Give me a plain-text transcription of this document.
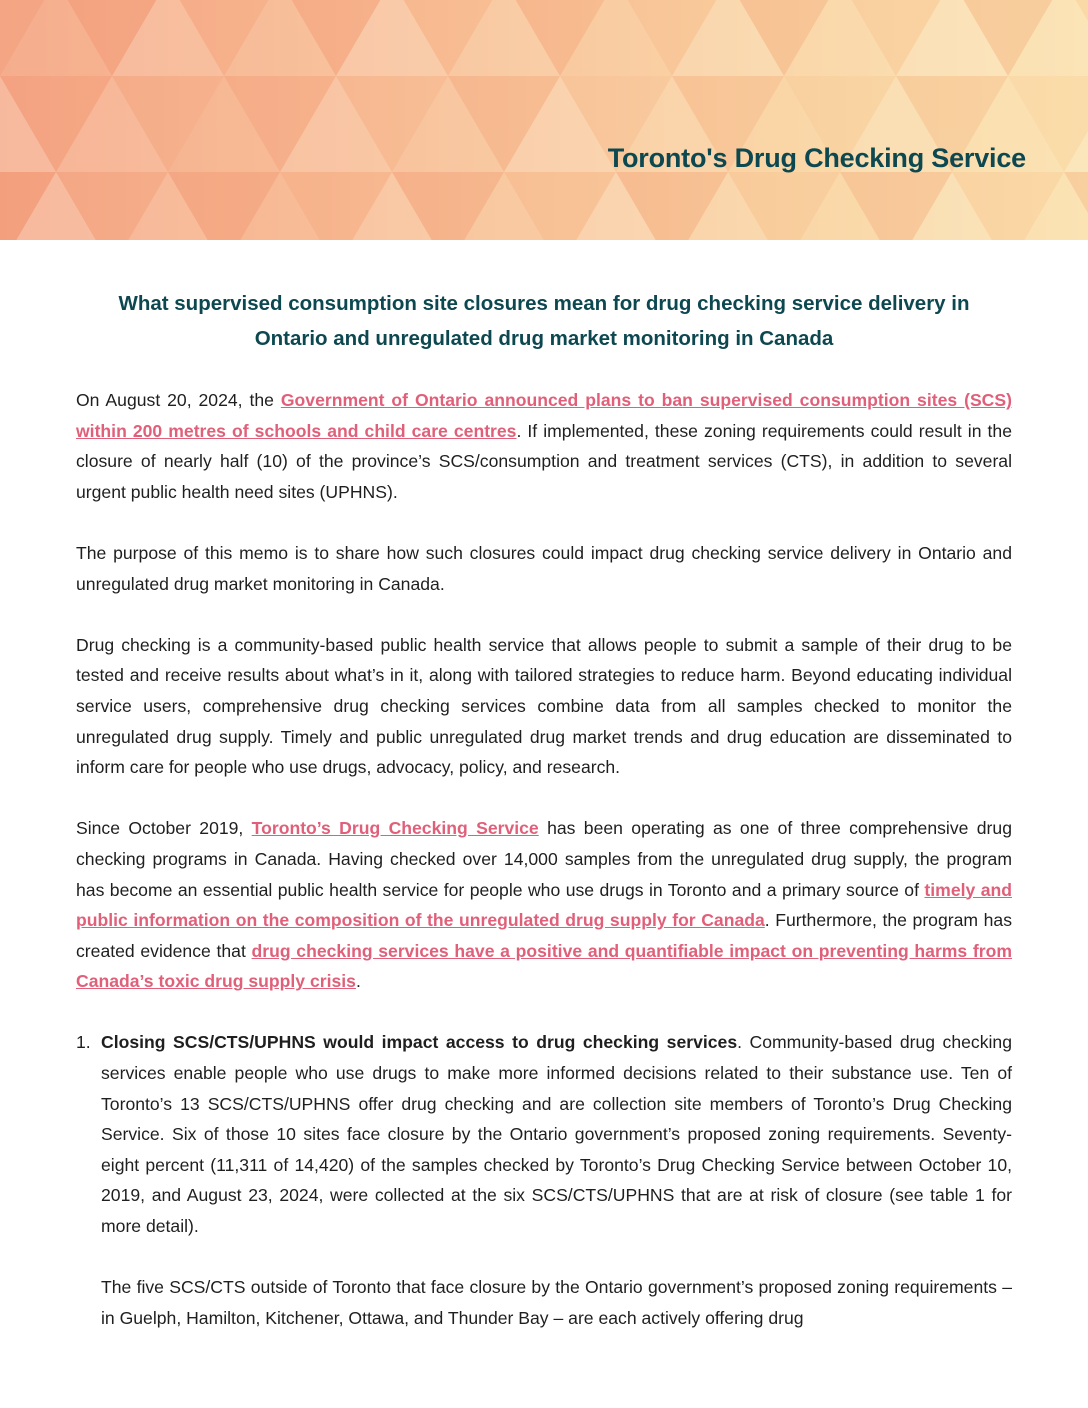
Toronto's Drug Checking Service
What supervised consumption site closures mean for drug checking service delivery in
Ontario and unregulated drug market monitoring in Canada

On August 20, 2024, the Government of Ontario announced plans to ban supervised consumption sites (SCS) within 200 metres of schools and child care centres. If implemented, these zoning requirements could result in the closure of nearly half (10) of the province’s SCS/consumption and treatment services (CTS), in addition to several urgent public health need sites (UPHNS).

The purpose of this memo is to share how such closures could impact drug checking service delivery in Ontario and unregulated drug market monitoring in Canada.

Drug checking is a community-based public health service that allows people to submit a sample of their drug to be tested and receive results about what’s in it, along with tailored strategies to reduce harm. Beyond educating individual service users, comprehensive drug checking services combine data from all samples checked to monitor the unregulated drug supply. Timely and public unregulated drug market trends and drug education are disseminated to inform care for people who use drugs, advocacy, policy, and research.

Since October 2019, Toronto’s Drug Checking Service has been operating as one of three comprehensive drug checking programs in Canada. Having checked over 14,000 samples from the unregulated drug supply, the program has become an essential public health service for people who use drugs in Toronto and a primary source of timely and public information on the composition of the unregulated drug supply for Canada. Furthermore, the program has created evidence that drug checking services have a positive and quantifiable impact on preventing harms from Canada’s toxic drug supply crisis.

1. Closing SCS/CTS/UPHNS would impact access to drug checking services. Community-based drug checking services enable people who use drugs to make more informed decisions related to their substance use. Ten of Toronto’s 13 SCS/CTS/UPHNS offer drug checking and are collection site members of Toronto’s Drug Checking Service. Six of those 10 sites face closure by the Ontario government’s proposed zoning requirements. Seventy-eight percent (11,311 of 14,420) of the samples checked by Toronto’s Drug Checking Service between October 10, 2019, and August 23, 2024, were collected at the six SCS/CTS/UPHNS that are at risk of closure (see table 1 for more detail).

The five SCS/CTS outside of Toronto that face closure by the Ontario government’s proposed zoning requirements – in Guelph, Hamilton, Kitchener, Ottawa, and Thunder Bay – are each actively offering drug
